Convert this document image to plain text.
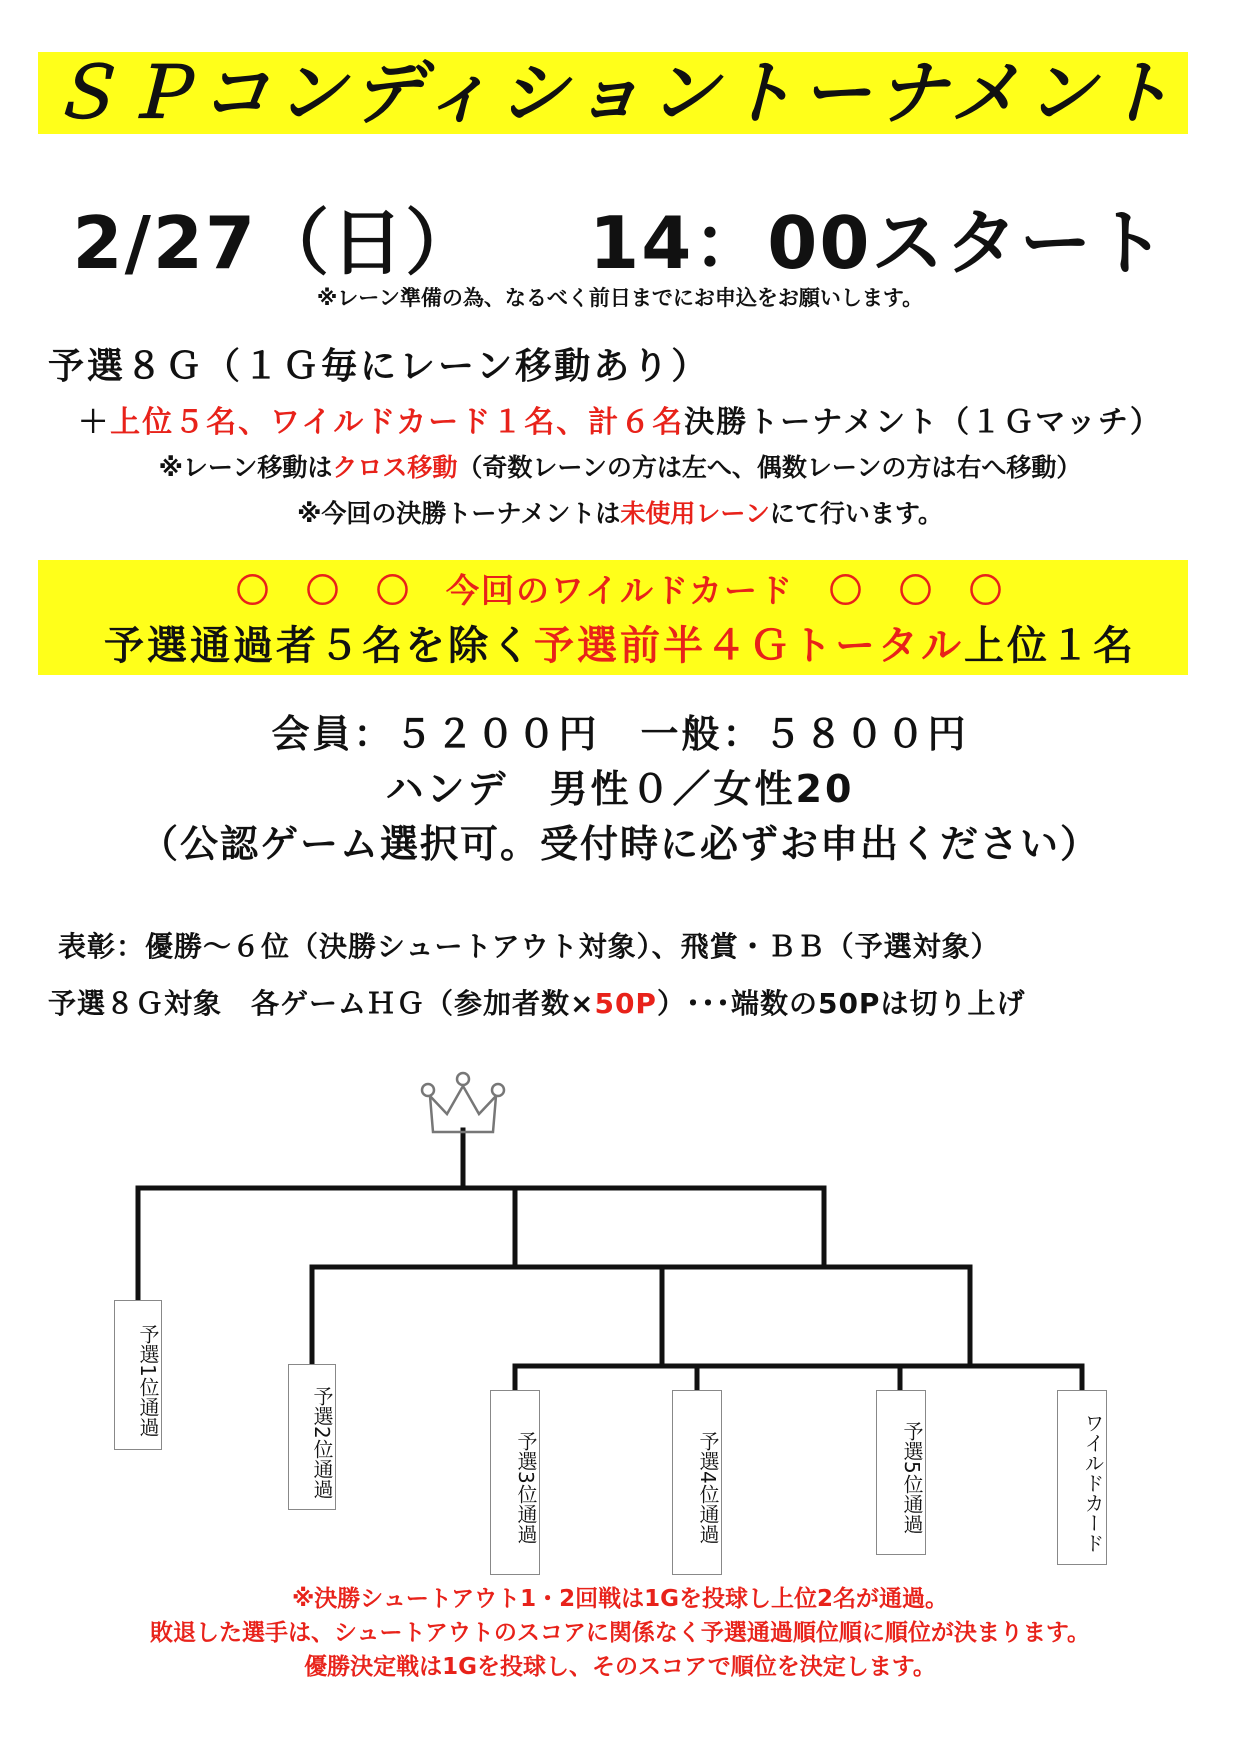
ＳＰコンディショントーナメント
2/27（日） 14：00スタート
※レーン準備の為、なるべく前日までにお申込をお願いします。
予選８Ｇ（１Ｇ毎にレーン移動あり）
＋上位５名、ワイルドカード１名、計６名決勝トーナメント（１Ｇマッチ）
※レーン移動はクロス移動（奇数レーンの方は左へ、偶数レーンの方は右へ移動）
※今回の決勝トーナメントは未使用レーンにて行います。
〇　〇　〇　 今回のワイルドカード　 〇　〇　〇
予選通過者５名を除く予選前半４Ｇトータル上位１名
会員：５２００円　一般：５８００円
ハンデ　男性０／女性20
（公認ゲーム選択可。受付時に必ずお申出ください）
表彰：優勝～６位（決勝シュートアウト対象）、飛賞・ＢＢ（予選対象）
予選８Ｇ対象　各ゲームＨＧ（参加者数×50P）･･･端数の50Pは切り上げ
予選1位通過
予選2位通過	予選3位通過	予選4位通過	予選5位通過	ワイルドカード
※決勝シュートアウト1・2回戦は1Gを投球し上位2名が通過。
敗退した選手は、シュートアウトのスコアに関係なく予選通過順位順に順位が決まります。
優勝決定戦は1Gを投球し、そのスコアで順位を決定します。
